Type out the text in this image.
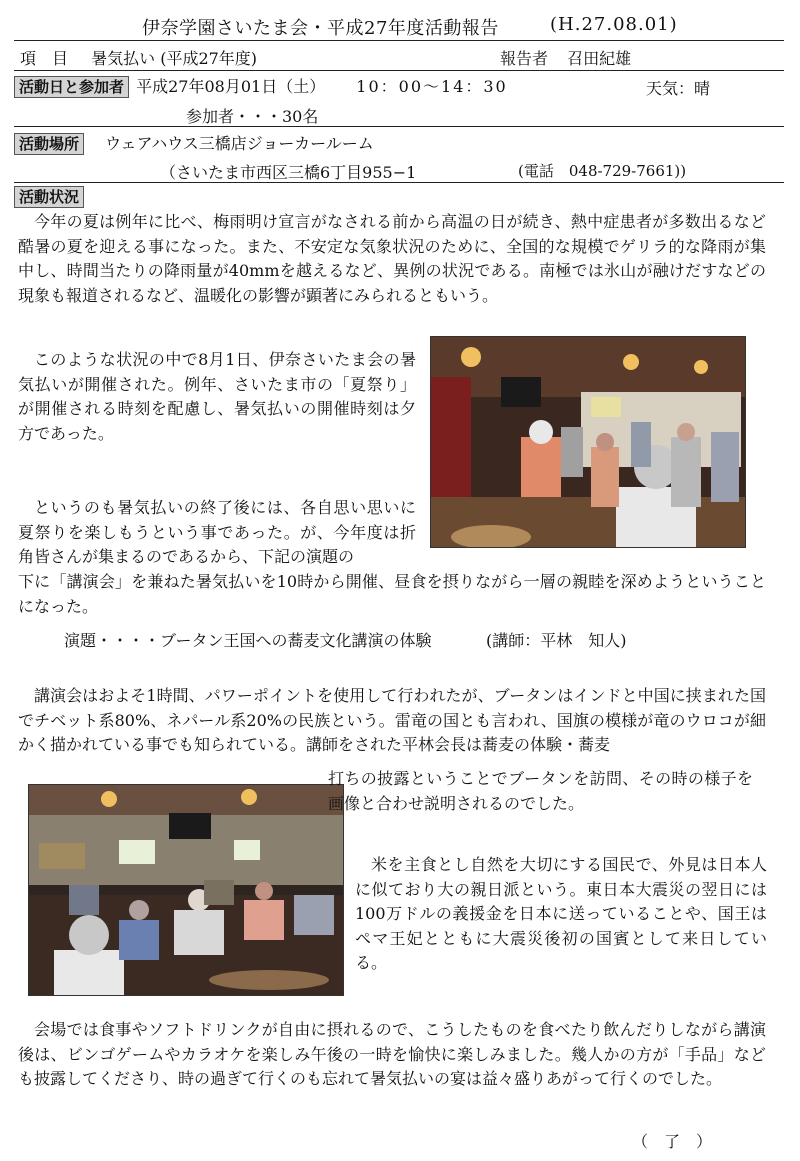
伊奈学園さいたま会・平成27年度活動報告	(H.27.08.01)
項　目 暑気払い (平成27年度)	報告者 召田紀雄
活動日と参加者 平成27年08月01日（土） 10：00〜14：30	天気：晴
参加者・・・30名
活動場所 ウェアハウス三橋店ジョーカールーム
（さいたま市西区三橋6丁目955−1	(電話　048-729-7661))
活動状況
今年の夏は例年に比べ、梅雨明け宣言がなされる前から高温の日が続き、熱中症患者が多数出るなど酷暑の夏を迎える事になった。また、不安定な気象状況のために、全国的な規模でゲリラ的な降雨が集中し、時間当たりの降雨量が40mmを越えるなど、異例の状況である。南極では氷山が融けだすなどの現象も報道されるなど、温暖化の影響が顕著にみられるともいう。
このような状況の中で8月1日、伊奈さいたま会の暑気払いが開催された。例年、さいたま市の「夏祭り」が開催される時刻を配慮し、暑気払いの開催時刻は夕方であった。
というのも暑気払いの終了後には、各自思い思いに夏祭りを楽しもうという事であった。が、今年度は折角皆さんが集まるのであるから、下記の演題の
下に「講演会」を兼ねた暑気払いを10時から開催、昼食を摂りながら一層の親睦を深めようということになった。
演題・・・・ブータン王国への蕎麦文化講演の体験	(講師：平林　知人)
講演会はおよそ1時間、パワーポイントを使用して行われたが、ブータンはインドと中国に挟まれた国でチベット系80%、ネパール系20%の民族という。雷竜の国とも言われ、国旗の模様が竜のウロコが細かく描かれている事でも知られている。講師をされた平林会長は蕎麦の体験・蕎麦
打ちの披露ということでブータンを訪問、その時の様子を画像と合わせ説明されるのでした。
米を主食とし自然を大切にする国民で、外見は日本人に似ており大の親日派という。東日本大震災の翌日には100万ドルの義援金を日本に送っていることや、国王はペマ王妃とともに大震災後初の国賓として来日している。
会場では食事やソフトドリンクが自由に摂れるので、こうしたものを食べたり飲んだりしながら講演後は、ビンゴゲームやカラオケを楽しみ午後の一時を愉快に楽しみました。幾人かの方が「手品」なども披露してくださり、時の過ぎて行くのも忘れて暑気払いの宴は益々盛りあがって行くのでした。
（　了　）
